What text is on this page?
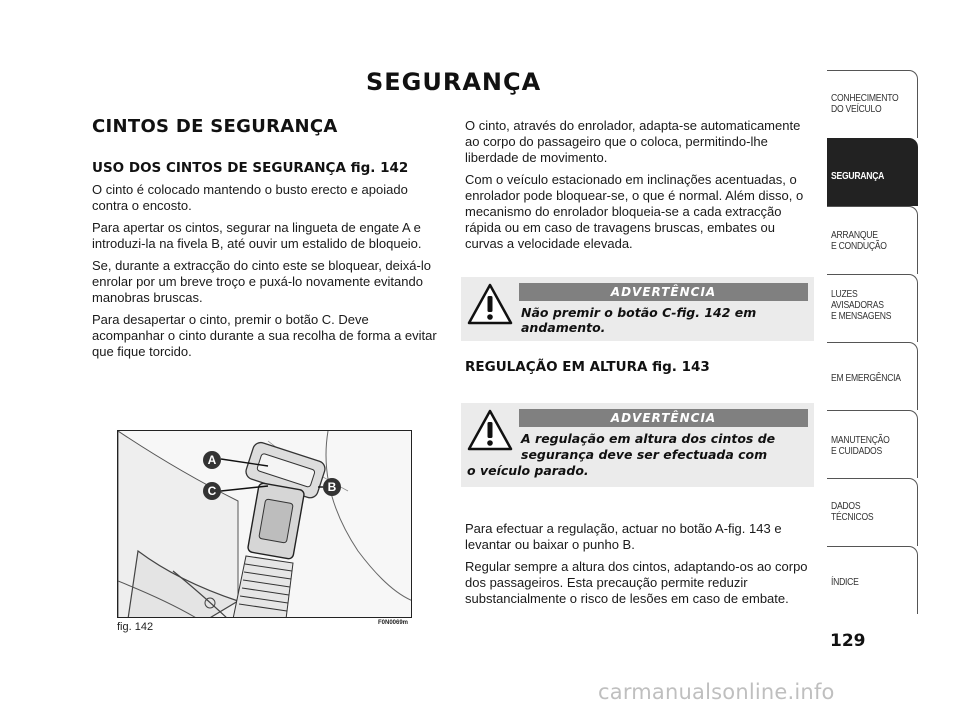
SEGURANÇA
CINTOS DE SEGURANÇA
USO DOS CINTOS DE SEGURANÇA fig. 142

O cinto é colocado mantendo o busto erecto e apoiado contra o encosto.

Para apertar os cintos, segurar na lingueta de engate A e introduzi-la na fivela B, até ouvir um estalido de bloqueio.

Se, durante a extracção do cinto este se bloquear, deixá-lo enrolar por um breve troço e puxá-lo novamente evitando manobras bruscas.

Para desapertar o cinto, premir o botão C. Deve acompanhar o cinto durante a sua recolha de forma a evitar que fique torcido.

A
C	B
fig. 142	F0N0069m

O cinto, através do enrolador, adapta-se automaticamente ao corpo do passageiro que o coloca, permitindo-lhe liberdade de movimento.

Com o veículo estacionado em inclinações acentuadas, o enrolador pode bloquear-se, o que é normal. Além disso, o mecanismo do enrolador bloqueia-se a cada extracção rápida ou em caso de travagens bruscas, embates ou curvas a velocidade elevada.

ADVERTÊNCIA
Não premir o botão C-fig. 142 em
andamento.
REGULAÇÃO EM ALTURA fig. 143
ADVERTÊNCIA
A regulação em altura dos cintos de
segurança deve ser efectuada com
o veículo parado.

Para efectuar a regulação, actuar no botão A-fig. 143 e levantar ou baixar o punho B.

Regular sempre a altura dos cintos, adaptando-os ao corpo dos passageiros. Esta precaução permite reduzir substancialmente o risco de lesões em caso de embate.

CONHECIMENTO
DO VEÍCULO
SEGURANÇA
ARRANQUE
E CONDUÇÃO
LUZES
AVISADORAS
E MENSAGENS
EM EMERGÊNCIA
MANUTENÇÃO
E CUIDADOS
DADOS
TÉCNICOS
ÍNDICE
129
carmanualsonline.info
